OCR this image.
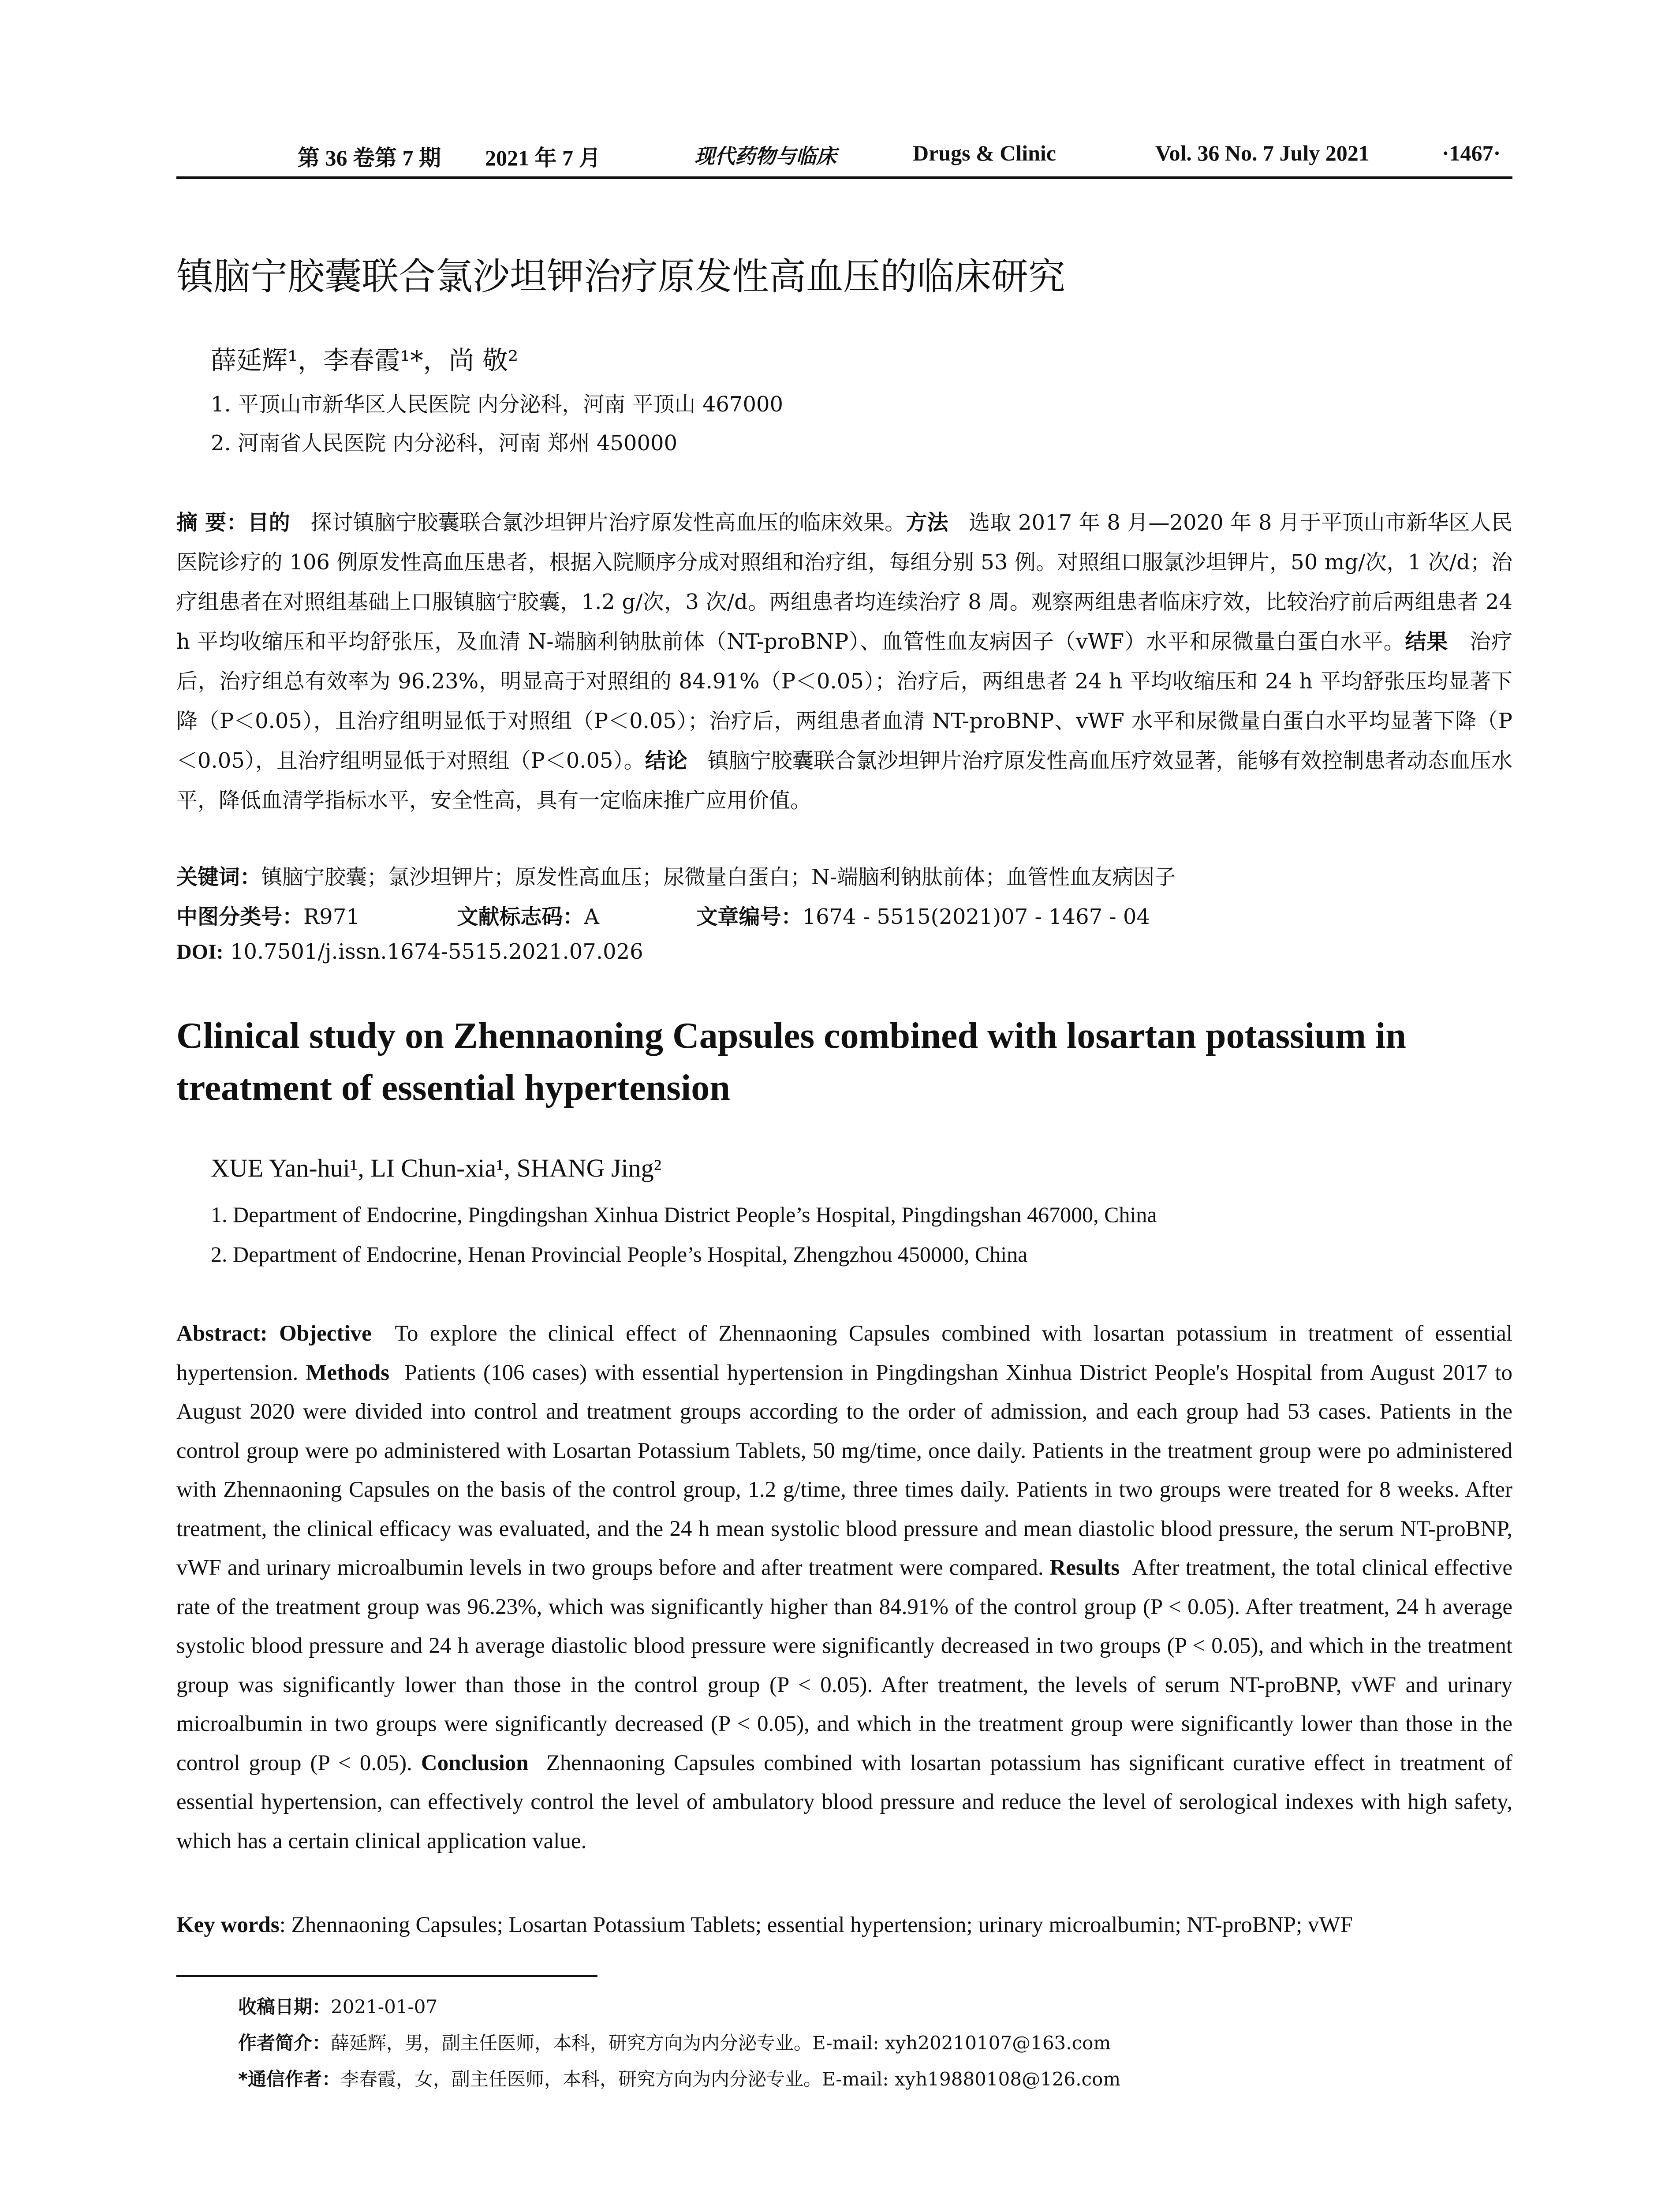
第 36 卷第 7 期 2021 年 7 月	现代药物与临床	Drugs & Clinic	Vol. 36 No. 7 July 2021	·1467·
镇脑宁胶囊联合氯沙坦钾治疗原发性高血压的临床研究
薛延辉¹，李春霞¹*，尚 敬²
1. 平顶山市新华区人民医院 内分泌科，河南 平顶山 467000
2. 河南省人民医院 内分泌科，河南 郑州 450000
摘 要：目的 探讨镇脑宁胶囊联合氯沙坦钾片治疗原发性高血压的临床效果。方法 选取 2017 年 8 月—2020 年 8 月于平顶山市新华区人民医院诊疗的 106 例原发性高血压患者，根据入院顺序分成对照组和治疗组，每组分别 53 例。对照组口服氯沙坦钾片，50 mg/次，1 次/d；治疗组患者在对照组基础上口服镇脑宁胶囊，1.2 g/次，3 次/d。两组患者均连续治疗 8 周。观察两组患者临床疗效，比较治疗前后两组患者 24 h 平均收缩压和平均舒张压，及血清 N-端脑利钠肽前体（NT-proBNP）、血管性血友病因子（vWF）水平和尿微量白蛋白水平。结果 治疗后，治疗组总有效率为 96.23%，明显高于对照组的 84.91%（P＜0.05）；治疗后，两组患者 24 h 平均收缩压和 24 h 平均舒张压均显著下降（P＜0.05），且治疗组明显低于对照组（P＜0.05）；治疗后，两组患者血清 NT-proBNP、vWF 水平和尿微量白蛋白水平均显著下降（P＜0.05），且治疗组明显低于对照组（P＜0.05）。结论 镇脑宁胶囊联合氯沙坦钾片治疗原发性高血压疗效显著，能够有效控制患者动态血压水平，降低血清学指标水平，安全性高，具有一定临床推广应用价值。
关键词：镇脑宁胶囊；氯沙坦钾片；原发性高血压；尿微量白蛋白；N-端脑利钠肽前体；血管性血友病因子
中图分类号：R971	文献标志码：A	文章编号：1674 - 5515(2021)07 - 1467 - 04
DOI: 10.7501/j.issn.1674-5515.2021.07.026
Clinical study on Zhennaoning Capsules combined with losartan potassium in treatment of essential hypertension
XUE Yan-hui¹, LI Chun-xia¹, SHANG Jing²
1. Department of Endocrine, Pingdingshan Xinhua District People’s Hospital, Pingdingshan 467000, China
2. Department of Endocrine, Henan Provincial People’s Hospital, Zhengzhou 450000, China
Abstract: Objective To explore the clinical effect of Zhennaoning Capsules combined with losartan potassium in treatment of essential hypertension. Methods Patients (106 cases) with essential hypertension in Pingdingshan Xinhua District People's Hospital from August 2017 to August 2020 were divided into control and treatment groups according to the order of admission, and each group had 53 cases. Patients in the control group were po administered with Losartan Potassium Tablets, 50 mg/time, once daily. Patients in the treatment group were po administered with Zhennaoning Capsules on the basis of the control group, 1.2 g/time, three times daily. Patients in two groups were treated for 8 weeks. After treatment, the clinical efficacy was evaluated, and the 24 h mean systolic blood pressure and mean diastolic blood pressure, the serum NT-proBNP, vWF and urinary microalbumin levels in two groups before and after treatment were compared. Results After treatment, the total clinical effective rate of the treatment group was 96.23%, which was significantly higher than 84.91% of the control group (P < 0.05). After treatment, 24 h average systolic blood pressure and 24 h average diastolic blood pressure were significantly decreased in two groups (P < 0.05), and which in the treatment group was significantly lower than those in the control group (P < 0.05). After treatment, the levels of serum NT-proBNP, vWF and urinary microalbumin in two groups were significantly decreased (P < 0.05), and which in the treatment group were significantly lower than those in the control group (P < 0.05). Conclusion Zhennaoning Capsules combined with losartan potassium has significant curative effect in treatment of essential hypertension, can effectively control the level of ambulatory blood pressure and reduce the level of serological indexes with high safety, which has a certain clinical application value.
Key words: Zhennaoning Capsules; Losartan Potassium Tablets; essential hypertension; urinary microalbumin; NT-proBNP; vWF
收稿日期：2021-01-07
作者简介：薛延辉，男，副主任医师，本科，研究方向为内分泌专业。E-mail: xyh20210107@163.com
*通信作者：李春霞，女，副主任医师，本科，研究方向为内分泌专业。E-mail: xyh19880108@126.com
